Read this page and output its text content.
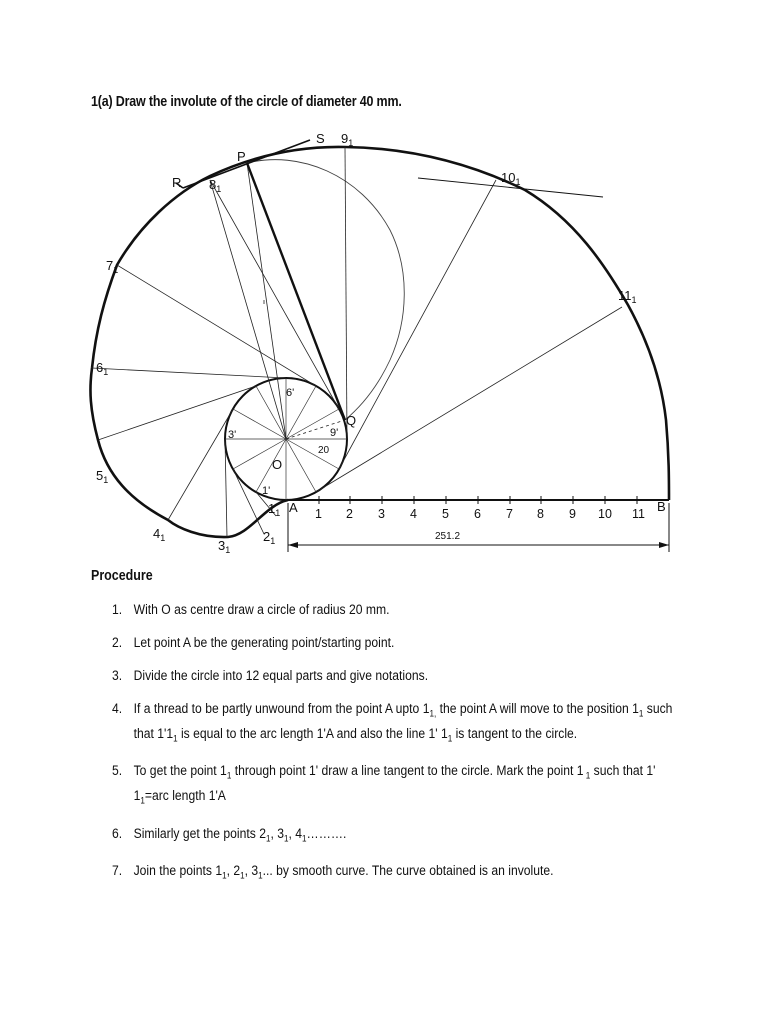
1(a) Draw the involute of the circle of diameter 40 mm.
S $9_1$
P
R $8_1$
$10_1$
$7_1$
$11_1$
$6_1$
$5_1$
$4_1$	$3_1$
$2_1$
$1_1$ A	B
Q
O
6'
3'	9'
1'
20
251.2
1 2 3 4 5 6 7 8 9 10 11
Procedure
1. With O as centre draw a circle of radius 20 mm.
2. Let point A be the generating point/starting point.
3. Divide the circle into 12 equal parts and give notations.
4. If a thread to be partly unwound from the point A upto $1_{1,}$ the point A will move to the position $1_1$ such that $1'1_1$ is equal to the arc length 1'A and also the line 1' $1_1$ is tangent to the circle.
5. To get the point $1_1$ through point 1' draw a line tangent to the circle. Mark the point 1 $_1$ such that 1' $1_1=arc$ length 1'A
6. Similarly get the points $2_1$, $3_1$, $4_1\dots\dots\dots$.
7. Join the points $1_1$, $2_1$, $3_1$... by smooth curve. The curve obtained is an involute.
